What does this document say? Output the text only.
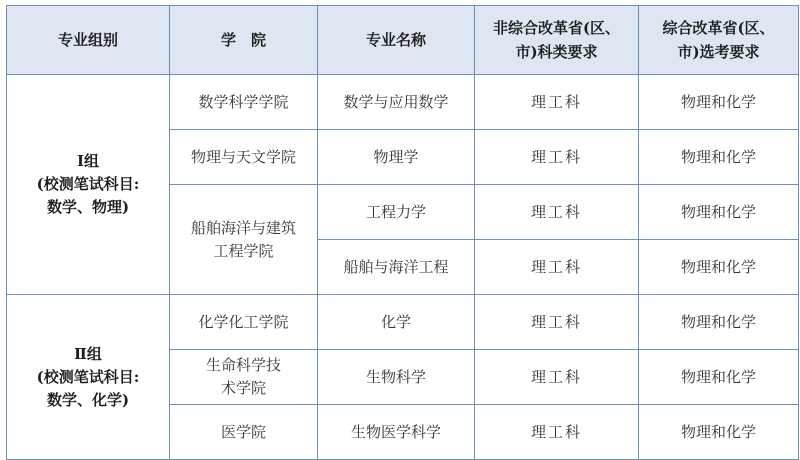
专业组别	学　院	专业名称	非综合改革省(区、市)科类要求	综合改革省(区、市)选考要求

Ⅰ组
(校测笔试科目:
数学、物理)	数学科学学院	数学与应用数学	理工科	物理和化学
	物理与天文学院	物理学	理工科	物理和化学

	船舶海洋与建筑工程学院	工程力学	理工科	物理和化学
		船舶与海洋工程	理工科	物理和化学

Ⅱ组
(校测笔试科目:
数学、化学)	化学化工学院	化学	理工科	物理和化学

	生命科学技术学院	生物科学	理工科	物理和化学
	医学院	生物医学科学	理工科	物理和化学
